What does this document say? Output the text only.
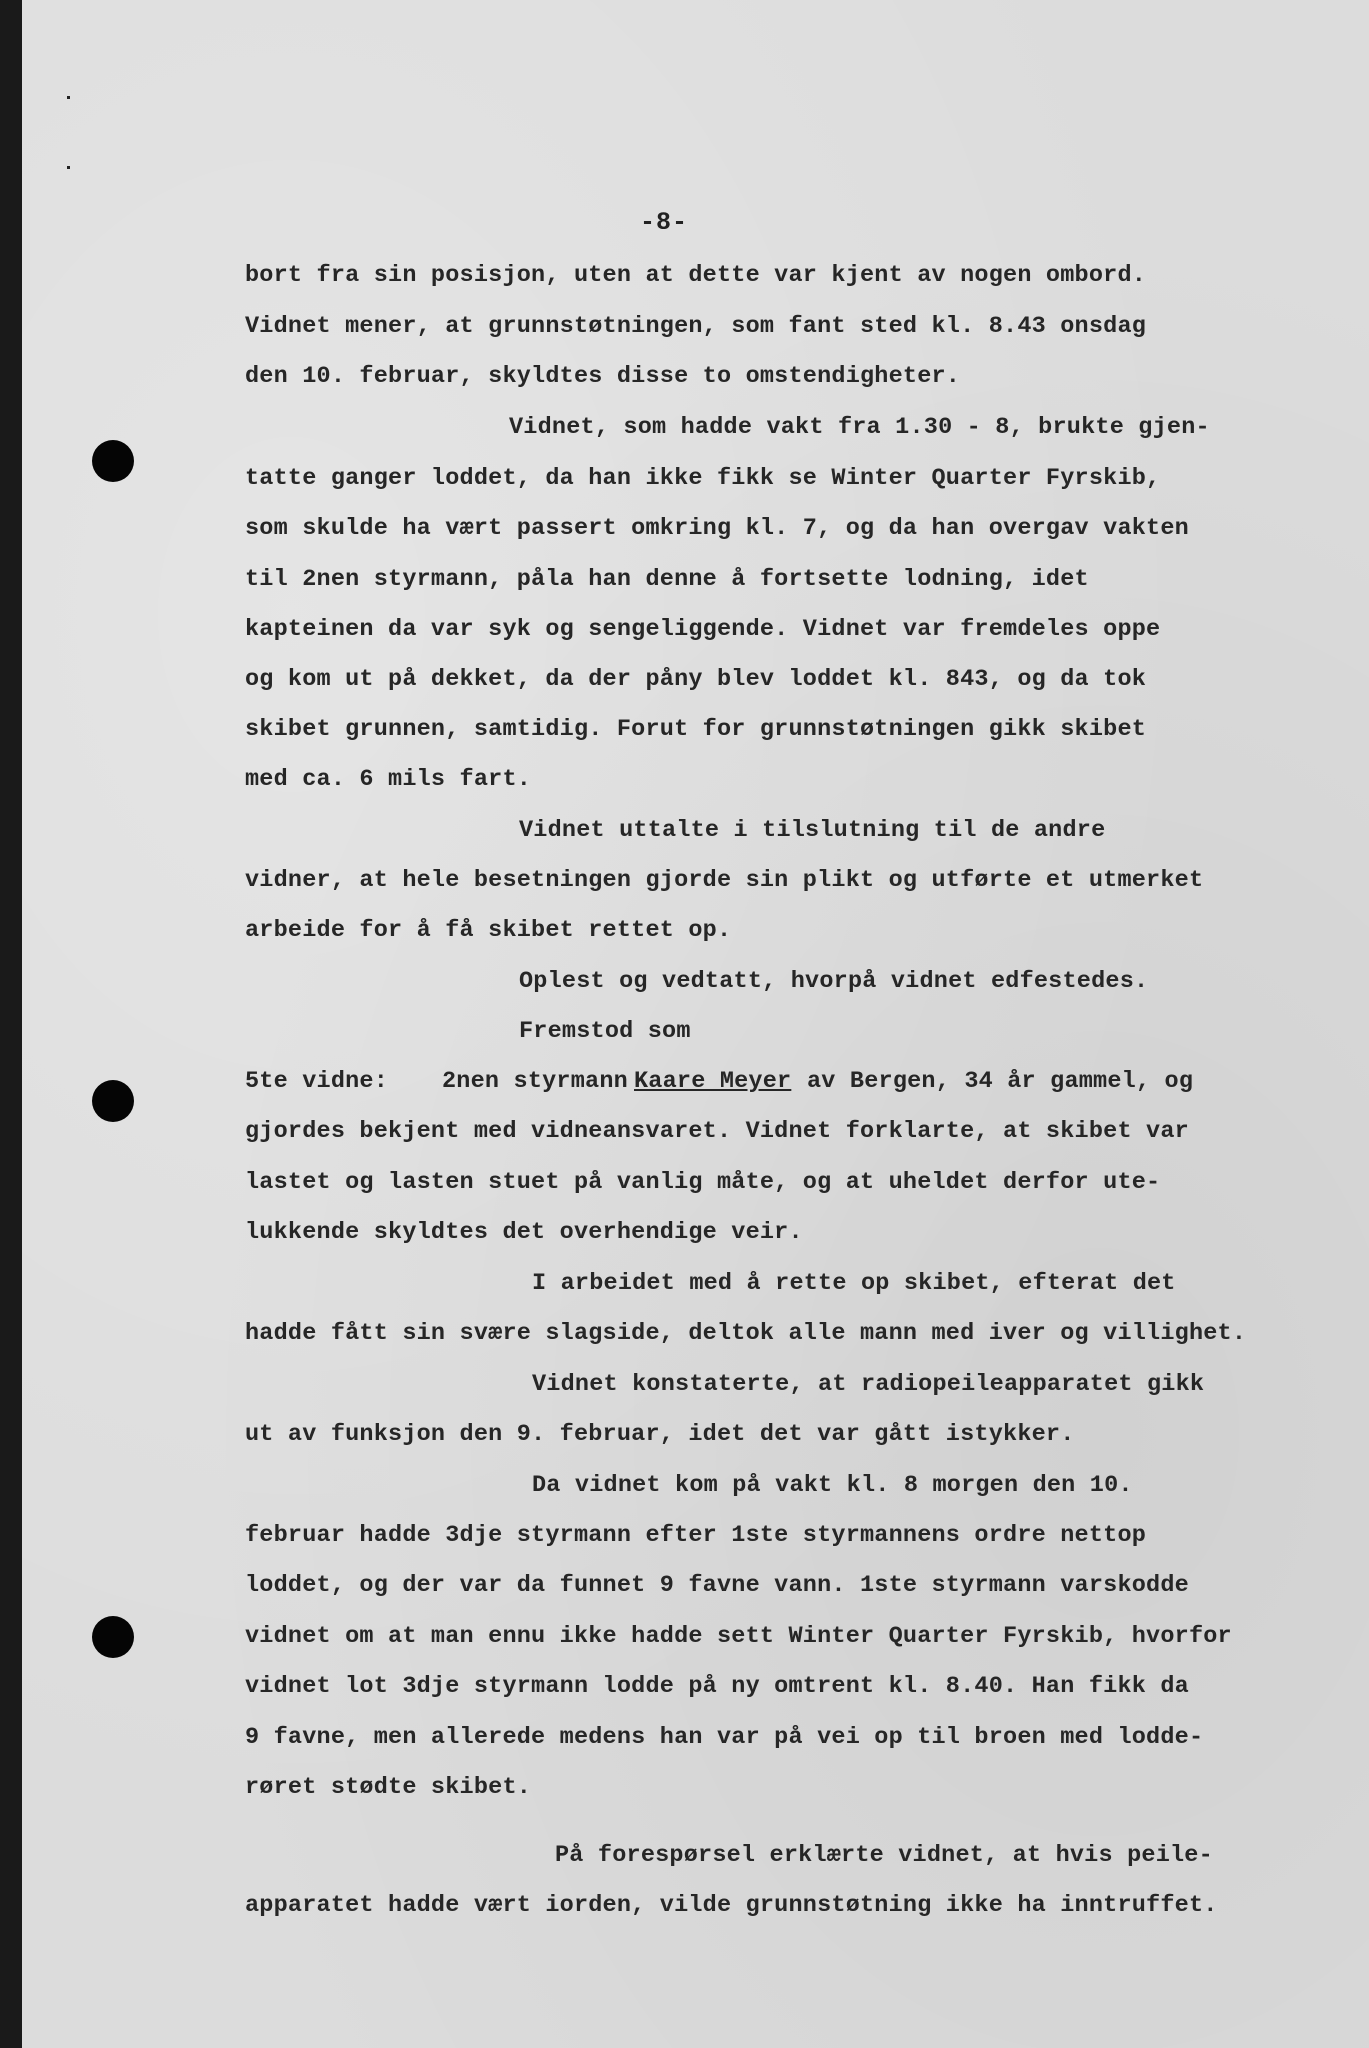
-8-
bort fra sin posisjon, uten at dette var kjent av nogen ombord.
Vidnet mener, at grunnstøtningen, som fant sted kl. 8.43 onsdag
den 10. februar, skyldtes disse to omstendigheter.
Vidnet, som hadde vakt fra 1.30 - 8, brukte gjen-
tatte ganger loddet, da han ikke fikk se Winter Quarter Fyrskib,
som skulde ha vært passert omkring kl. 7, og da han overgav vakten
til 2nen styrmann, påla han denne å fortsette lodning, idet
kapteinen da var syk og sengeliggende. Vidnet var fremdeles oppe
og kom ut på dekket, da der påny blev loddet kl. 843, og da tok
skibet grunnen, samtidig. Forut for grunnstøtningen gikk skibet
med ca. 6 mils fart.
Vidnet uttalte i tilslutning til de andre
vidner, at hele besetningen gjorde sin plikt og utførte et utmerket
arbeide for å få skibet rettet op.
Oplest og vedtatt, hvorpå vidnet edfestedes.
Fremstod som
5te vidne: 2nen styrmann Kaare Meyer av Bergen, 34 år gammel, og
gjordes bekjent med vidneansvaret. Vidnet forklarte, at skibet var
lastet og lasten stuet på vanlig måte, og at uheldet derfor ute-
lukkende skyldtes det overhendige veir.
I arbeidet med å rette op skibet, efterat det
hadde fått sin svære slagside, deltok alle mann med iver og villighet.
Vidnet konstaterte, at radiopeileapparatet gikk
ut av funksjon den 9. februar, idet det var gått istykker.
Da vidnet kom på vakt kl. 8 morgen den 10.
februar hadde 3dje styrmann efter 1ste styrmannens ordre nettop
loddet, og der var da funnet 9 favne vann. 1ste styrmann varskodde
vidnet om at man ennu ikke hadde sett Winter Quarter Fyrskib, hvorfor
vidnet lot 3dje styrmann lodde på ny omtrent kl. 8.40. Han fikk da
9 favne, men allerede medens han var på vei op til broen med lodde-
røret stødte skibet.
På forespørsel erklærte vidnet, at hvis peile-
apparatet hadde vært iorden, vilde grunnstøtning ikke ha inntruffet.
